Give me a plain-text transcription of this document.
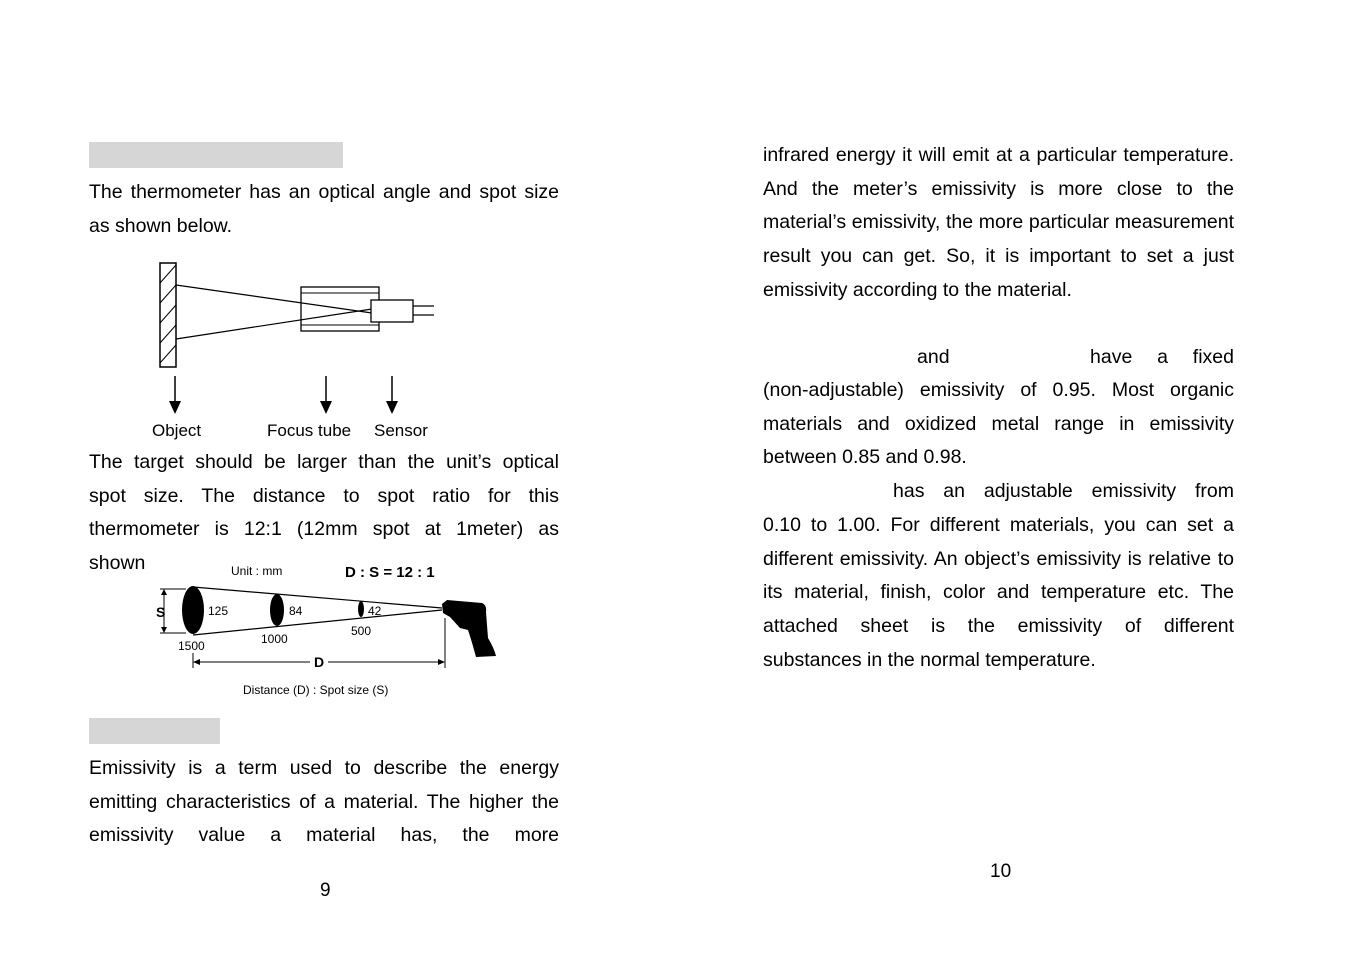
The thermometer has an optical angle and spot size as shown below.

Object	Focus tube Sensor
The target should be larger than the unit’s optical
spot size. The distance to spot ratio for this
thermometer is 12:1 (12mm spot at 1meter) as
shown	Unit : mm	D : S = 12 : 1
S	125	84	42
1500	1000
500
D
Distance (D) : Spot size (S)

Emissivity is a term used to describe the energy emitting characteristics of a material. The higher the emissivity value a material has, the more

9

infrared energy it will emit at a particular temperature. And the meter’s emissivity is more close to the material’s emissivity, the more particular measurement result you can get. So, it is important to set a just emissivity according to the material.

and	have a fixed

(non-adjustable) emissivity of 0.95. Most organic materials and oxidized metal range in emissivity between 0.85 and 0.98.

has an adjustable emissivity from

0.10 to 1.00. For different materials, you can set a different emissivity. An object’s emissivity is relative to its material, finish, color and temperature etc. The attached sheet is the emissivity of different substances in the normal temperature.

10
